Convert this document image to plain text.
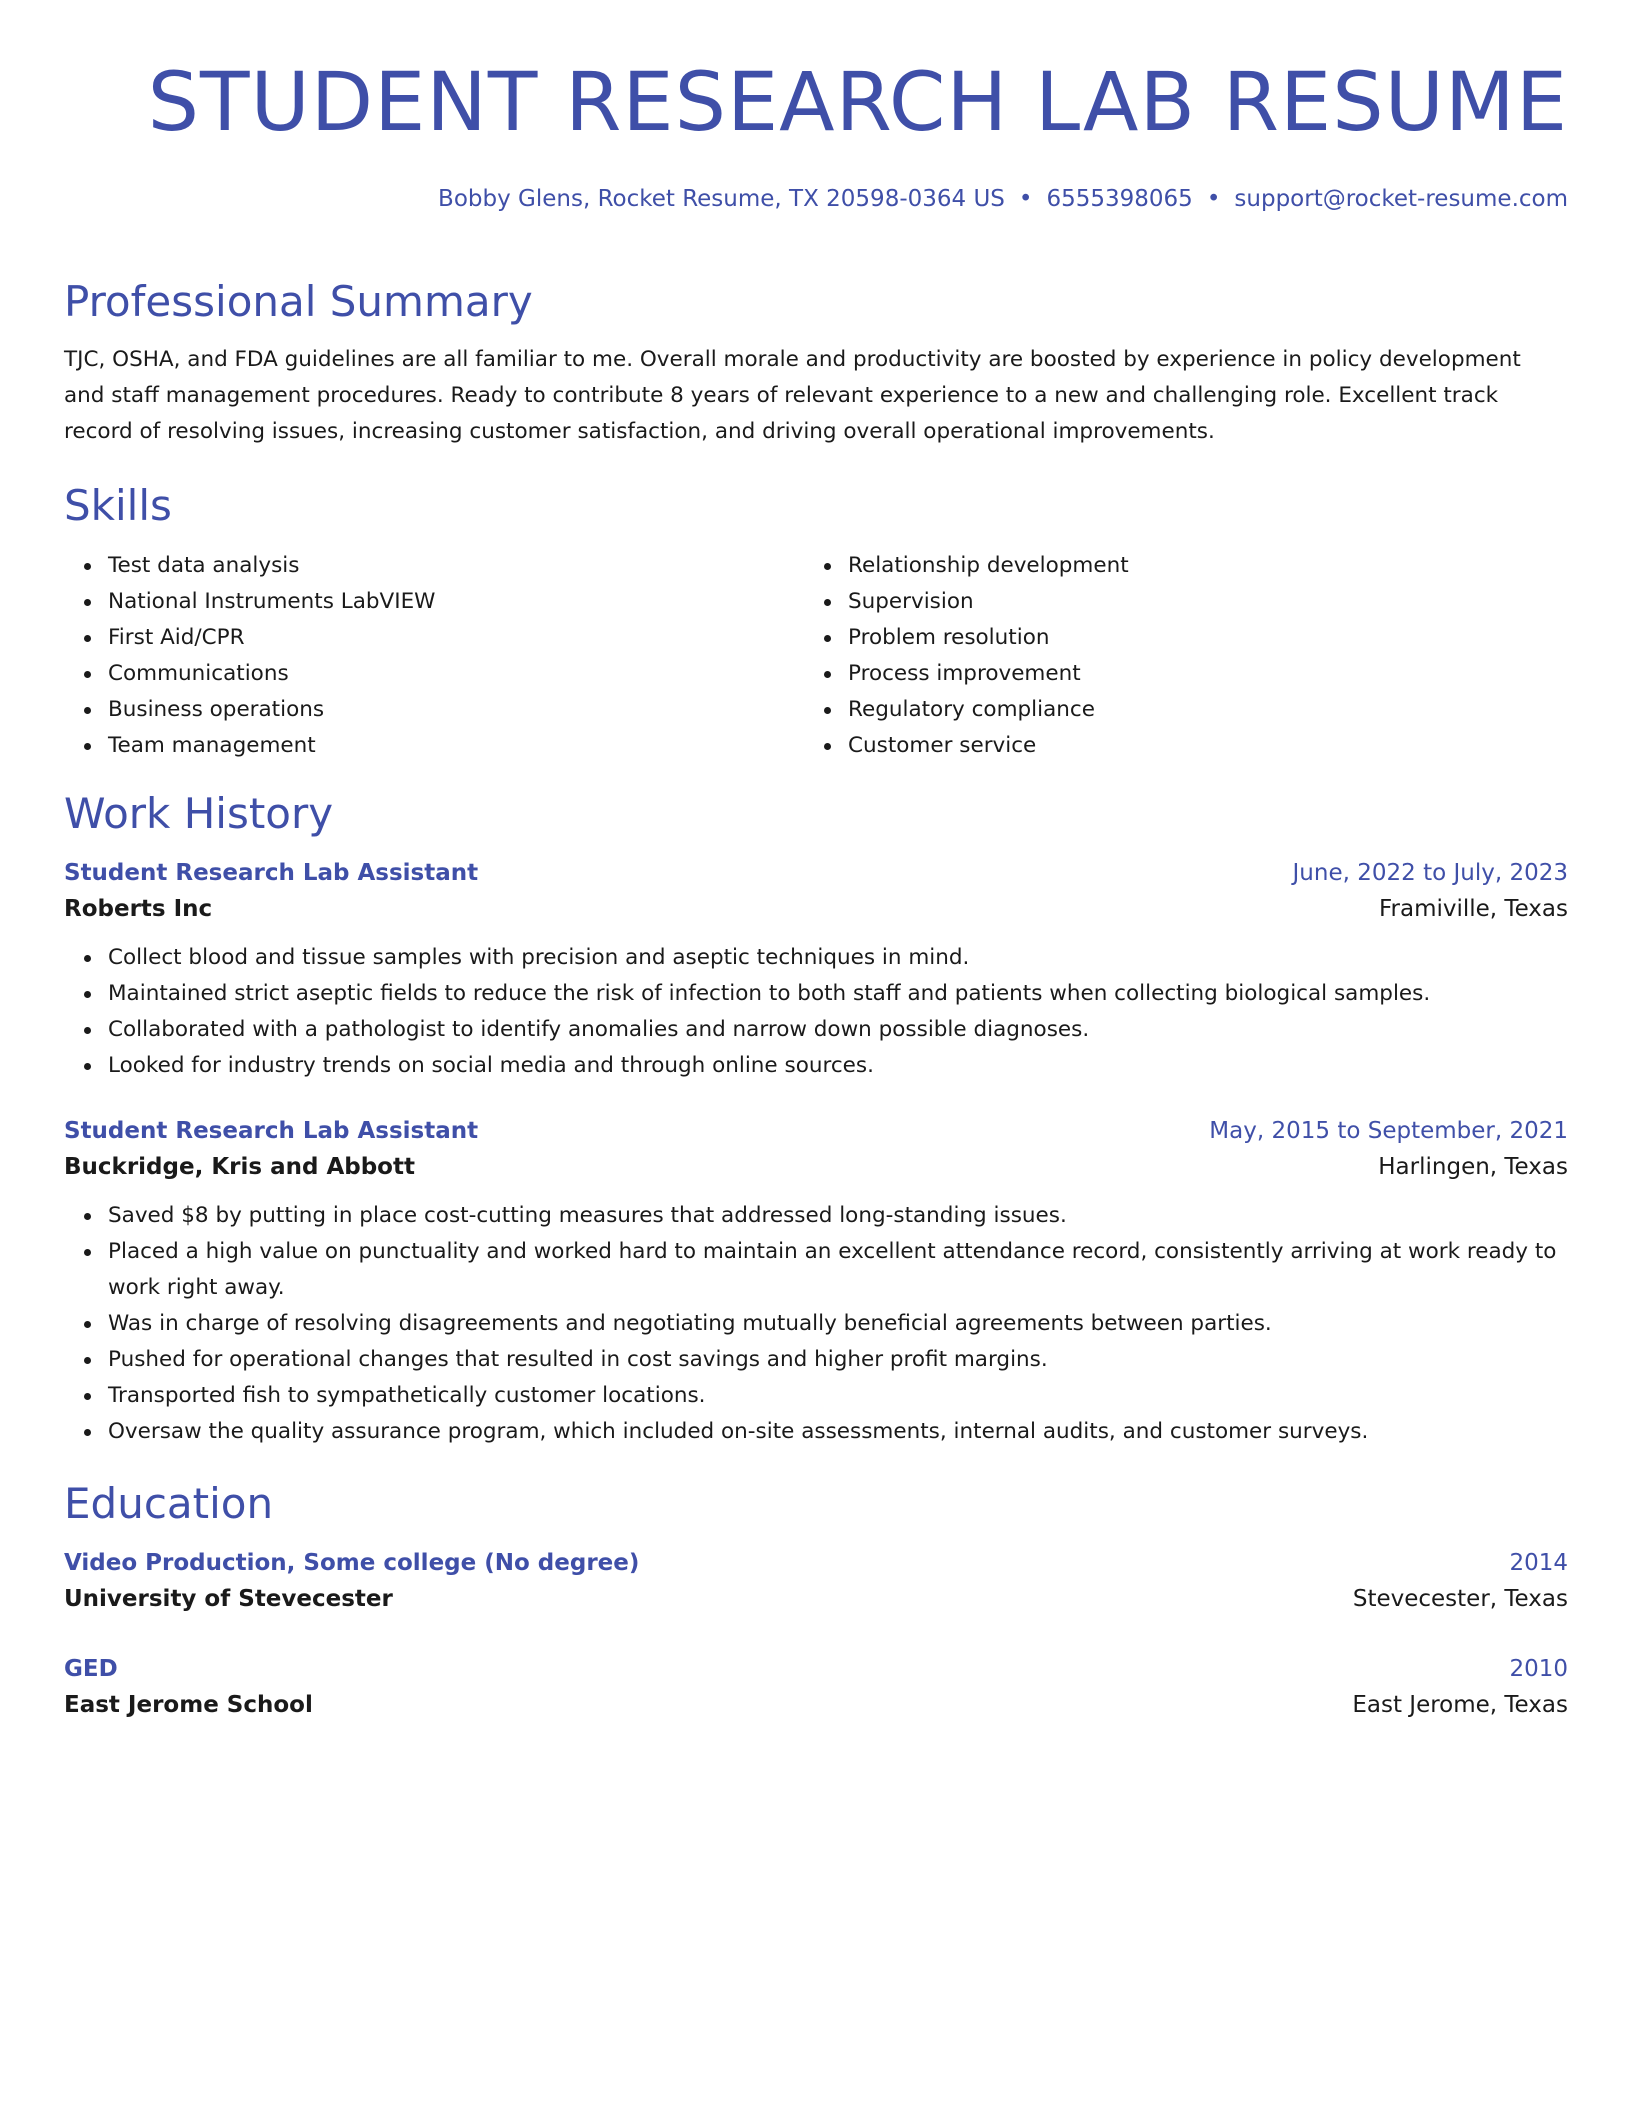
STUDENT RESEARCH LAB RESUME
Bobby Glens, Rocket Resume, TX 20598-0364 US • 6555398065 • support@rocket-resume.com
Professional Summary

TJC, OSHA, and FDA guidelines are all familiar to me. Overall morale and productivity are boosted by experience in policy development and staff management procedures. Ready to contribute 8 years of relevant experience to a new and challenging role. Excellent track record of resolving issues, increasing customer satisfaction, and driving overall operational improvements.

Skills
Test data analysis
National Instruments LabVIEW
First Aid/CPR
Communications
Business operations
Team management
Relationship development
Supervision
Problem resolution
Process improvement
Regulatory compliance
Customer service
Work History
Student Research Lab Assistant	June, 2022 to July, 2023
Roberts Inc	Framiville, Texas
Collect blood and tissue samples with precision and aseptic techniques in mind.
Maintained strict aseptic fields to reduce the risk of infection to both staff and patients when collecting biological samples.
Collaborated with a pathologist to identify anomalies and narrow down possible diagnoses.
Looked for industry trends on social media and through online sources.
Student Research Lab Assistant	May, 2015 to September, 2021
Buckridge, Kris and Abbott	Harlingen, Texas
Saved $8 by putting in place cost-cutting measures that addressed long-standing issues.
Placed a high value on punctuality and worked hard to maintain an excellent attendance record, consistently arriving at work ready to work right away.
Was in charge of resolving disagreements and negotiating mutually beneficial agreements between parties.
Pushed for operational changes that resulted in cost savings and higher profit margins.
Transported fish to sympathetically customer locations.
Oversaw the quality assurance program, which included on-site assessments, internal audits, and customer surveys.
Education
Video Production, Some college (No degree)	2014
University of Stevecester	Stevecester, Texas
GED	2010
East Jerome School	East Jerome, Texas
